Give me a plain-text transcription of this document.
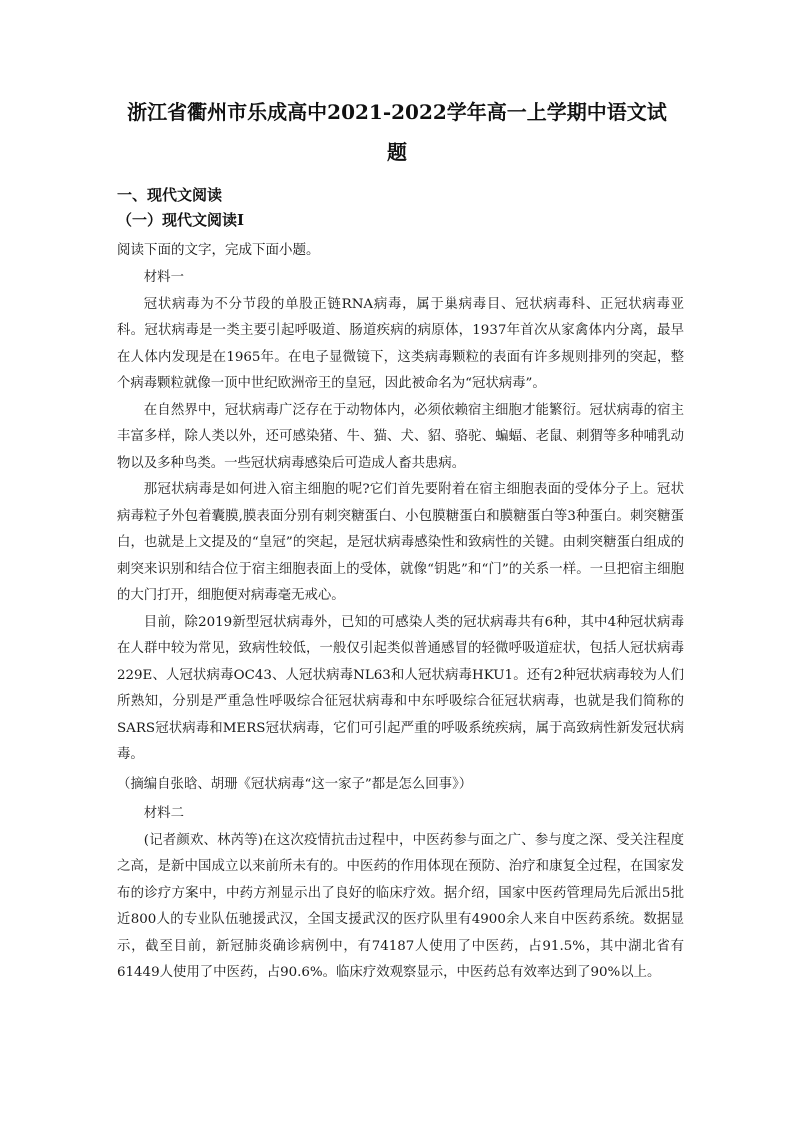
浙江省衢州市乐成高中2021-2022学年高一上学期中语文试
题
一、现代文阅读
（一）现代文阅读Ⅰ

阅读下面的文字，完成下面小题。

材料一

冠状病毒为不分节段的单股正链RNA病毒，属于巢病毒目、冠状病毒科、正冠状病毒亚科。冠状病毒是一类主要引起呼吸道、肠道疾病的病原体，1937年首次从家禽体内分离，最早在人体内发现是在1965年。在电子显微镜下，这类病毒颗粒的表面有许多规则排列的突起，整个病毒颗粒就像一顶中世纪欧洲帝王的皇冠，因此被命名为“冠状病毒”。

在自然界中，冠状病毒广泛存在于动物体内，必须依赖宿主细胞才能繁衍。冠状病毒的宿主丰富多样，除人类以外，还可感染猪、牛、猫、犬、貂、骆驼、蝙蝠、老鼠、刺猬等多种哺乳动物以及多种鸟类。一些冠状病毒感染后可造成人畜共患病。

那冠状病毒是如何进入宿主细胞的呢?它们首先要附着在宿主细胞表面的受体分子上。冠状病毒粒子外包着囊膜,膜表面分别有刺突糖蛋白、小包膜糖蛋白和膜糖蛋白等3种蛋白。刺突糖蛋白，也就是上文提及的“皇冠”的突起，是冠状病毒感染性和致病性的关键。由刺突糖蛋白组成的刺突来识别和结合位于宿主细胞表面上的受体，就像“钥匙”和“门”的关系一样。一旦把宿主细胞的大门打开，细胞便对病毒毫无戒心。

目前，除2019新型冠状病毒外，已知的可感染人类的冠状病毒共有6种，其中4种冠状病毒在人群中较为常见，致病性较低，一般仅引起类似普通感冒的轻微呼吸道症状，包括人冠状病毒229E、人冠状病毒OC43、人冠状病毒NL63和人冠状病毒HKU1。还有2种冠状病毒较为人们所熟知，分别是严重急性呼吸综合征冠状病毒和中东呼吸综合征冠状病毒，也就是我们简称的SARS冠状病毒和MERS冠状病毒，它们可引起严重的呼吸系统疾病，属于高致病性新发冠状病毒。

（摘编自张晗、胡珊《冠状病毒“这一家子”都是怎么回事》）

材料二

(记者颜欢、林芮等)在这次疫情抗击过程中，中医药参与面之广、参与度之深、受关注程度之高，是新中国成立以来前所未有的。中医药的作用体现在预防、治疗和康复全过程，在国家发布的诊疗方案中，中药方剂显示出了良好的临床疗效。据介绍，国家中医药管理局先后派出5批近800人的专业队伍驰援武汉，全国支援武汉的医疗队里有4900余人来自中医药系统。数据显示，截至目前，新冠肺炎确诊病例中，有74187人使用了中医药，占91.5%，其中湖北省有61449人使用了中医药，占90.6%。临床疗效观察显示，中医药总有效率达到了90%以上。
